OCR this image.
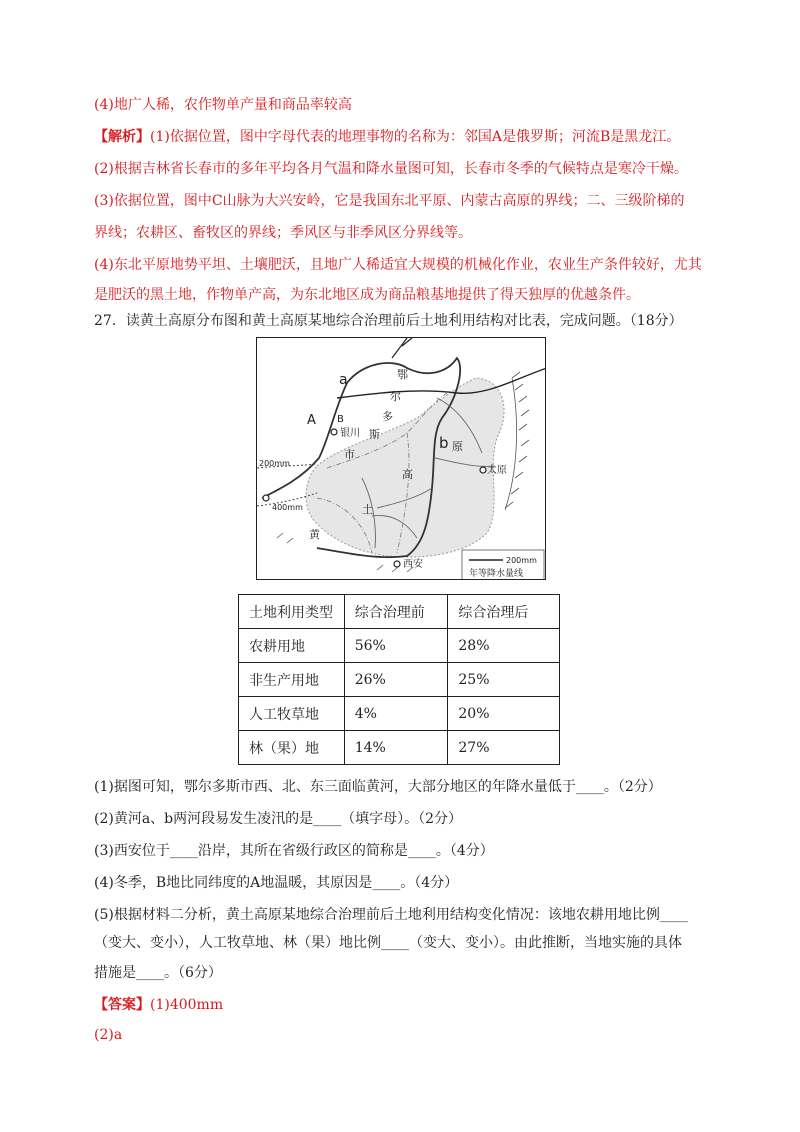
(4)地广人稀，农作物单产量和商品率较高
【解析】(1)依据位置，图中字母代表的地理事物的名称为：邻国A是俄罗斯；河流B是黑龙江。
(2)根据吉林省长春市的多年平均各月气温和降水量图可知，长春市冬季的气候特点是寒冷干燥。
(3)依据位置，图中C山脉为大兴安岭，它是我国东北平原、内蒙古高原的界线；二、三级阶梯的
界线；农耕区、畜牧区的界线；季风区与非季风区分界线等。
(4)东北平原地势平坦、土壤肥沃，且地广人稀适宜大规模的机械化作业，农业生产条件较好，尤其
是肥沃的黑土地，作物单产高，为东北地区成为商品粮基地提供了得天独厚的优越条件。
27．读黄土高原分布图和黄土高原某地综合治理前后土地利用结构对比表，完成问题。（18分）
a
b
A B
银川
鄂
尔
多
斯
市
原
太原
高
土
黄
西安
200mm
400mm
200mm
年等降水量线
土地利用类型	综合治理前	综合治理后
农耕用地	56%	28%
非生产用地	26%	25%
人工牧草地	4%	20%
林（果）地	14%	27%
(1)据图可知，鄂尔多斯市西、北、东三面临黄河，大部分地区的年降水量低于____。（2分）
(2)黄河a、b两河段易发生凌汛的是____（填字母）。（2分）
(3)西安位于____沿岸，其所在省级行政区的简称是____。（4分）
(4)冬季，B地比同纬度的A地温暖，其原因是____。（4分）
(5)根据材料二分析，黄土高原某地综合治理前后土地利用结构变化情况：该地农耕用地比例____
（变大、变小），人工牧草地、林（果）地比例____（变大、变小）。由此推断，当地实施的具体
措施是____。（6分）
【答案】(1)400mm
(2)a
